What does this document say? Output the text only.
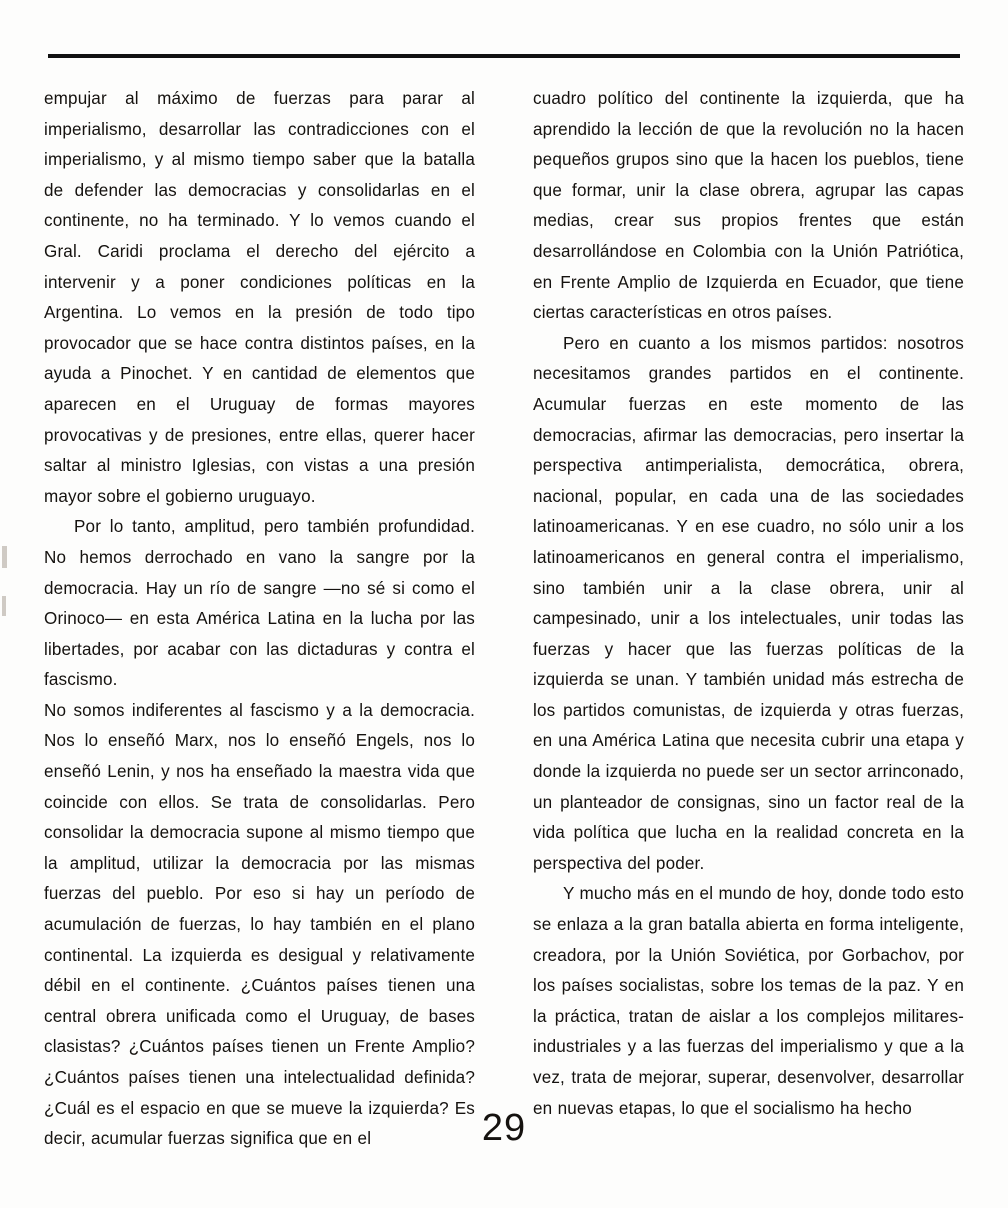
empujar al máximo de fuerzas para parar al imperialismo, desarrollar las contradicciones con el imperialismo, y al mismo tiempo saber que la batalla de defender las democracias y consolidarlas en el continente, no ha terminado. Y lo vemos cuando el Gral. Caridi proclama el derecho del ejército a intervenir y a poner condiciones políticas en la Argentina. Lo vemos en la presión de todo tipo provocador que se hace contra distintos países, en la ayuda a Pinochet. Y en cantidad de elementos que aparecen en el Uruguay de formas mayores provocativas y de presiones, entre ellas, querer hacer saltar al ministro Iglesias, con vistas a una presión mayor sobre el gobierno uruguayo.

Por lo tanto, amplitud, pero también profundidad. No hemos derrochado en vano la sangre por la democracia. Hay un río de sangre —no sé si como el Orinoco— en esta América Latina en la lucha por las libertades, por acabar con las dictaduras y contra el fascismo.

No somos indiferentes al fascismo y a la democracia. Nos lo enseñó Marx, nos lo enseñó Engels, nos lo enseñó Lenin, y nos ha enseñado la maestra vida que coincide con ellos. Se trata de consolidarlas. Pero consolidar la democracia supone al mismo tiempo que la amplitud, utilizar la democracia por las mismas fuerzas del pueblo. Por eso si hay un período de acumulación de fuerzas, lo hay también en el plano continental. La izquierda es desigual y relativamente débil en el continente. ¿Cuántos países tienen una central obrera unificada como el Uruguay, de bases clasistas? ¿Cuántos países tienen un Frente Amplio? ¿Cuántos países tienen una intelectualidad definida? ¿Cuál es el espacio en que se mueve la izquierda? Es decir, acumular fuerzas significa que en el

cuadro político del continente la izquierda, que ha aprendido la lección de que la revolución no la hacen pequeños grupos sino que la hacen los pueblos, tiene que formar, unir la clase obrera, agrupar las capas medias, crear sus propios frentes que están desarrollándose en Colombia con la Unión Patriótica, en Frente Amplio de Izquierda en Ecuador, que tiene ciertas características en otros países.

Pero en cuanto a los mismos partidos: nosotros necesitamos grandes partidos en el continente. Acumular fuerzas en este momento de las democracias, afirmar las democracias, pero insertar la perspectiva antimperialista, democrática, obrera, nacional, popular, en cada una de las sociedades latinoamericanas. Y en ese cuadro, no sólo unir a los latinoamericanos en general contra el imperialismo, sino también unir a la clase obrera, unir al campesinado, unir a los intelectuales, unir todas las fuerzas y hacer que las fuerzas políticas de la izquierda se unan. Y también unidad más estrecha de los partidos comunistas, de izquierda y otras fuerzas, en una América Latina que necesita cubrir una etapa y donde la izquierda no puede ser un sector arrinconado, un planteador de consignas, sino un factor real de la vida política que lucha en la realidad concreta en la perspectiva del poder.

Y mucho más en el mundo de hoy, donde todo esto se enlaza a la gran batalla abierta en forma inteligente, creadora, por la Unión Soviética, por Gorbachov, por los países socialistas, sobre los temas de la paz. Y en la práctica, tratan de aislar a los complejos militares-industriales y a las fuerzas del imperialismo y que a la vez, trata de mejorar, superar, desenvolver, desarrollar en nuevas etapas, lo que el socialismo ha hecho

29
